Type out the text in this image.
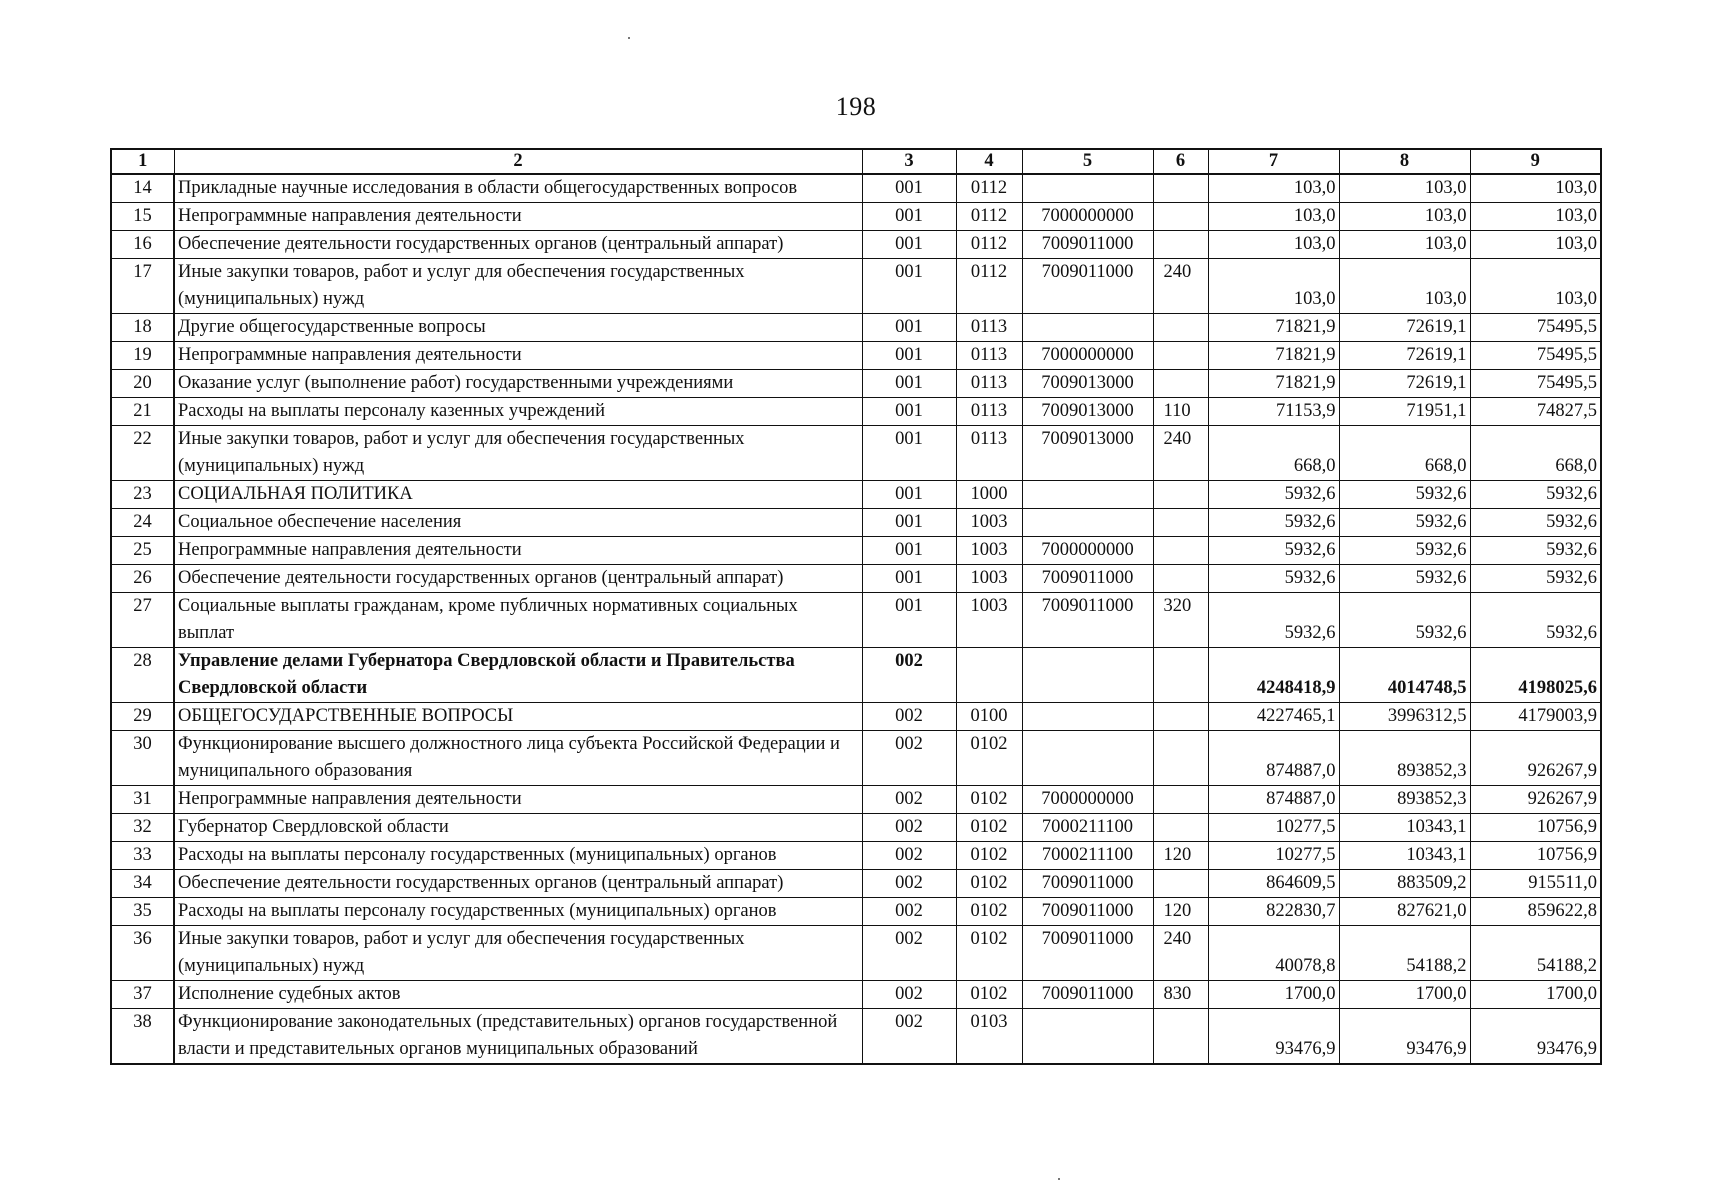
198
1	2	3	4	5	6	7	8	9
14	Прикладные научные исследования в области общегосударственных вопросов	001	0112			103,0	103,0	103,0
15	Непрограммные направления деятельности	001	0112	7000000000		103,0	103,0	103,0
16	Обеспечение деятельности государственных органов (центральный аппарат)	001	0112	7009011000		103,0	103,0	103,0
17	Иные закупки товаров, работ и услуг для обеспечения государственных (муниципальных) нужд	001	0112	7009011000	240	103,0	103,0	103,0
18	Другие общегосударственные вопросы	001	0113			71821,9	72619,1	75495,5
19	Непрограммные направления деятельности	001	0113	7000000000		71821,9	72619,1	75495,5
20	Оказание услуг (выполнение работ) государственными учреждениями	001	0113	7009013000		71821,9	72619,1	75495,5
21	Расходы на выплаты персоналу казенных учреждений	001	0113	7009013000	110	71153,9	71951,1	74827,5
22	Иные закупки товаров, работ и услуг для обеспечения государственных (муниципальных) нужд	001	0113	7009013000	240	668,0	668,0	668,0
23	СОЦИАЛЬНАЯ ПОЛИТИКА	001	1000			5932,6	5932,6	5932,6
24	Социальное обеспечение населения	001	1003			5932,6	5932,6	5932,6
25	Непрограммные направления деятельности	001	1003	7000000000		5932,6	5932,6	5932,6
26	Обеспечение деятельности государственных органов (центральный аппарат)	001	1003	7009011000		5932,6	5932,6	5932,6
27	Социальные выплаты гражданам, кроме публичных нормативных социальных выплат	001	1003	7009011000	320	5932,6	5932,6	5932,6
28	Управление делами Губернатора Свердловской области и Правительства Свердловской области	002				4248418,9	4014748,5	4198025,6
29	ОБЩЕГОСУДАРСТВЕННЫЕ ВОПРОСЫ	002	0100			4227465,1	3996312,5	4179003,9
30	Функционирование высшего должностного лица субъекта Российской Федерации и муниципального образования	002	0102			874887,0	893852,3	926267,9
31	Непрограммные направления деятельности	002	0102	7000000000		874887,0	893852,3	926267,9
32	Губернатор Свердловской области	002	0102	7000211100		10277,5	10343,1	10756,9
33	Расходы на выплаты персоналу государственных (муниципальных) органов	002	0102	7000211100	120	10277,5	10343,1	10756,9
34	Обеспечение деятельности государственных органов (центральный аппарат)	002	0102	7009011000		864609,5	883509,2	915511,0
35	Расходы на выплаты персоналу государственных (муниципальных) органов	002	0102	7009011000	120	822830,7	827621,0	859622,8
36	Иные закупки товаров, работ и услуг для обеспечения государственных (муниципальных) нужд	002	0102	7009011000	240	40078,8	54188,2	54188,2
37	Исполнение судебных актов	002	0102	7009011000	830	1700,0	1700,0	1700,0
38	Функционирование законодательных (представительных) органов государственной власти и представительных органов муниципальных образований	002	0103			93476,9	93476,9	93476,9
